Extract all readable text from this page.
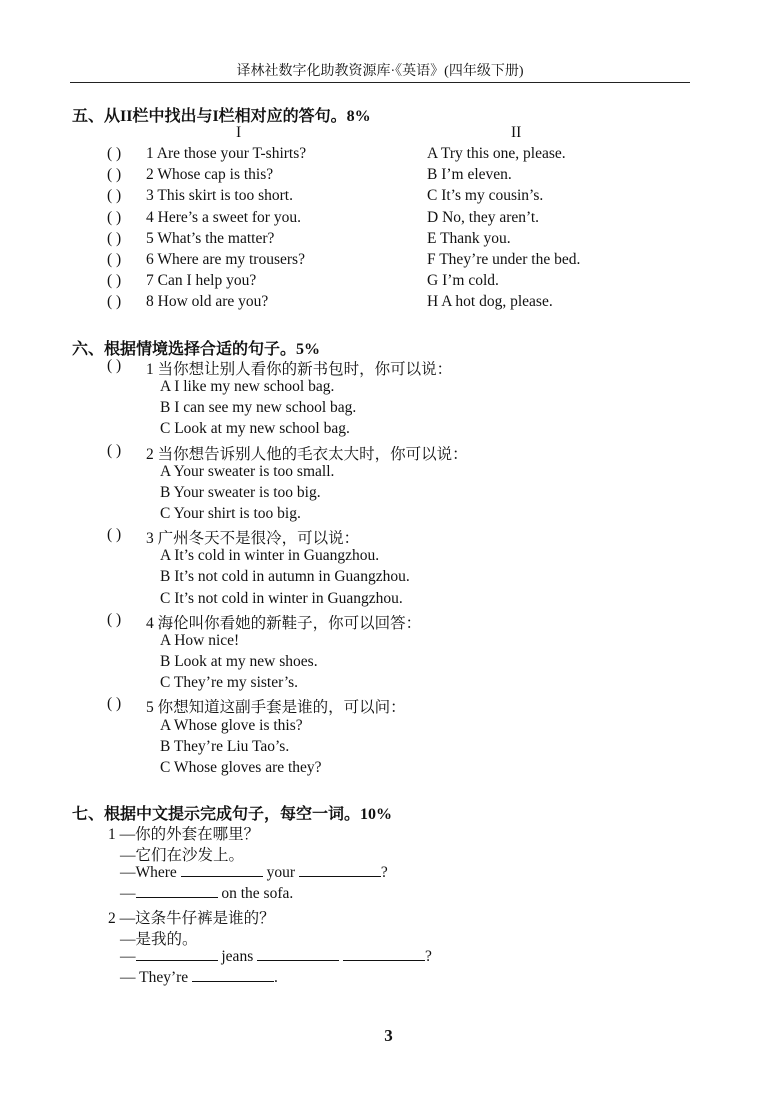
译林社数字化助教资源库·《英语》(四年级下册)
五、从II栏中找出与I栏相对应的答句。8%
I	II
( ) 1 Are those your T-shirts?	A Try this one, please.
( ) 2 Whose cap is this?	B I’m eleven.
( ) 3 This skirt is too short.	C It’s my cousin’s.
( ) 4 Here’s a sweet for you.	D No, they aren’t.
( ) 5 What’s the matter?	E Thank you.
( ) 6 Where are my trousers?	F They’re under the bed.
( ) 7 Can I help you?	G I’m cold.
( ) 8 How old are you?	H A hot dog, please.
六、根据情境选择合适的句子。5%
( ) 1 当你想让别人看你的新书包时，你可以说：
A I like my new school bag.
B I can see my new school bag.
C Look at my new school bag.
( ) 2 当你想告诉别人他的毛衣太大时，你可以说：
A Your sweater is too small.
B Your sweater is too big.
C Your shirt is too big.
( ) 3 广州冬天不是很冷，可以说：
A It’s cold in winter in Guangzhou.
B It’s not cold in autumn in Guangzhou.
C It’s not cold in winter in Guangzhou.
( ) 4 海伦叫你看她的新鞋子，你可以回答：
A How nice!
B Look at my new shoes.
C They’re my sister’s.
( ) 5 你想知道这副手套是谁的，可以问：
A Whose glove is this?
B They’re Liu Tao’s.
C Whose gloves are they?
七、根据中文提示完成句子，每空一词。10%
1 —你的外套在哪里？
—它们在沙发上。
—Where	your	?
—	on the sofa.
2 —这条牛仔裤是谁的？
—是我的。
—	jeans	?
— They’re	.
3
